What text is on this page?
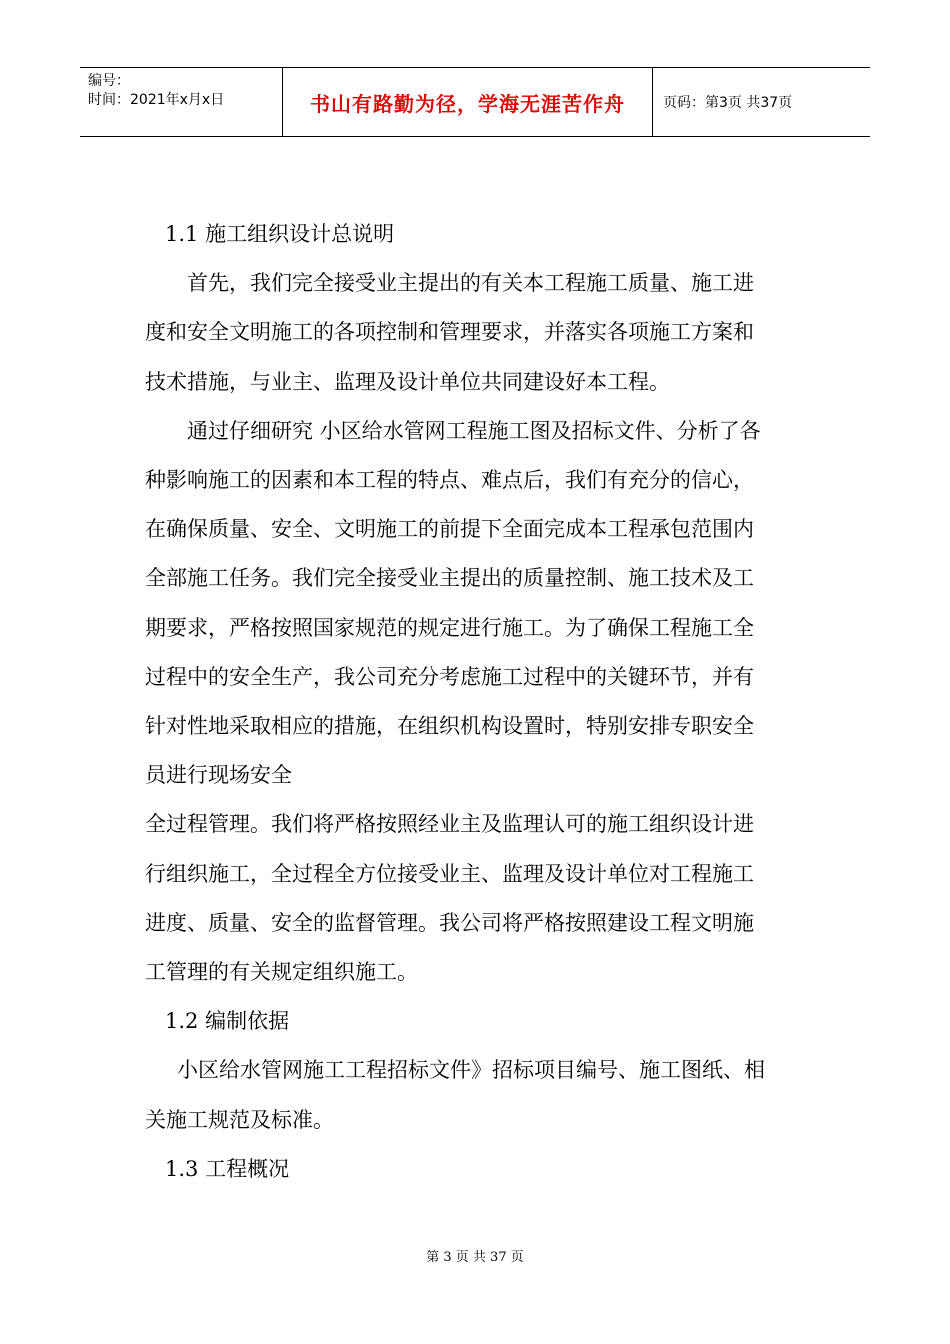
编号：
时间：2021年x月x日	书山有路勤为径，学海无涯苦作舟	页码：第3页 共37页

1.1 施工组织设计总说明

首先，我们完全接受业主提出的有关本工程施工质量、施工进

度和安全文明施工的各项控制和管理要求，并落实各项施工方案和

技术措施，与业主、监理及设计单位共同建设好本工程。

通过仔细研究 小区给水管网工程施工图及招标文件、分析了各

种影响施工的因素和本工程的特点、难点后，我们有充分的信心，

在确保质量、安全、文明施工的前提下全面完成本工程承包范围内

全部施工任务。我们完全接受业主提出的质量控制、施工技术及工

期要求，严格按照国家规范的规定进行施工。为了确保工程施工全

过程中的安全生产，我公司充分考虑施工过程中的关键环节，并有

针对性地采取相应的措施，在组织机构设置时，特别安排专职安全

员进行现场安全

全过程管理。我们将严格按照经业主及监理认可的施工组织设计进

行组织施工，全过程全方位接受业主、监理及设计单位对工程施工

进度、质量、安全的监督管理。我公司将严格按照建设工程文明施

工管理的有关规定组织施工。

1.2 编制依据

小区给水管网施工工程招标文件》招标项目编号、施工图纸、相

关施工规范及标准。

1.3 工程概况

第 3 页 共 37 页
